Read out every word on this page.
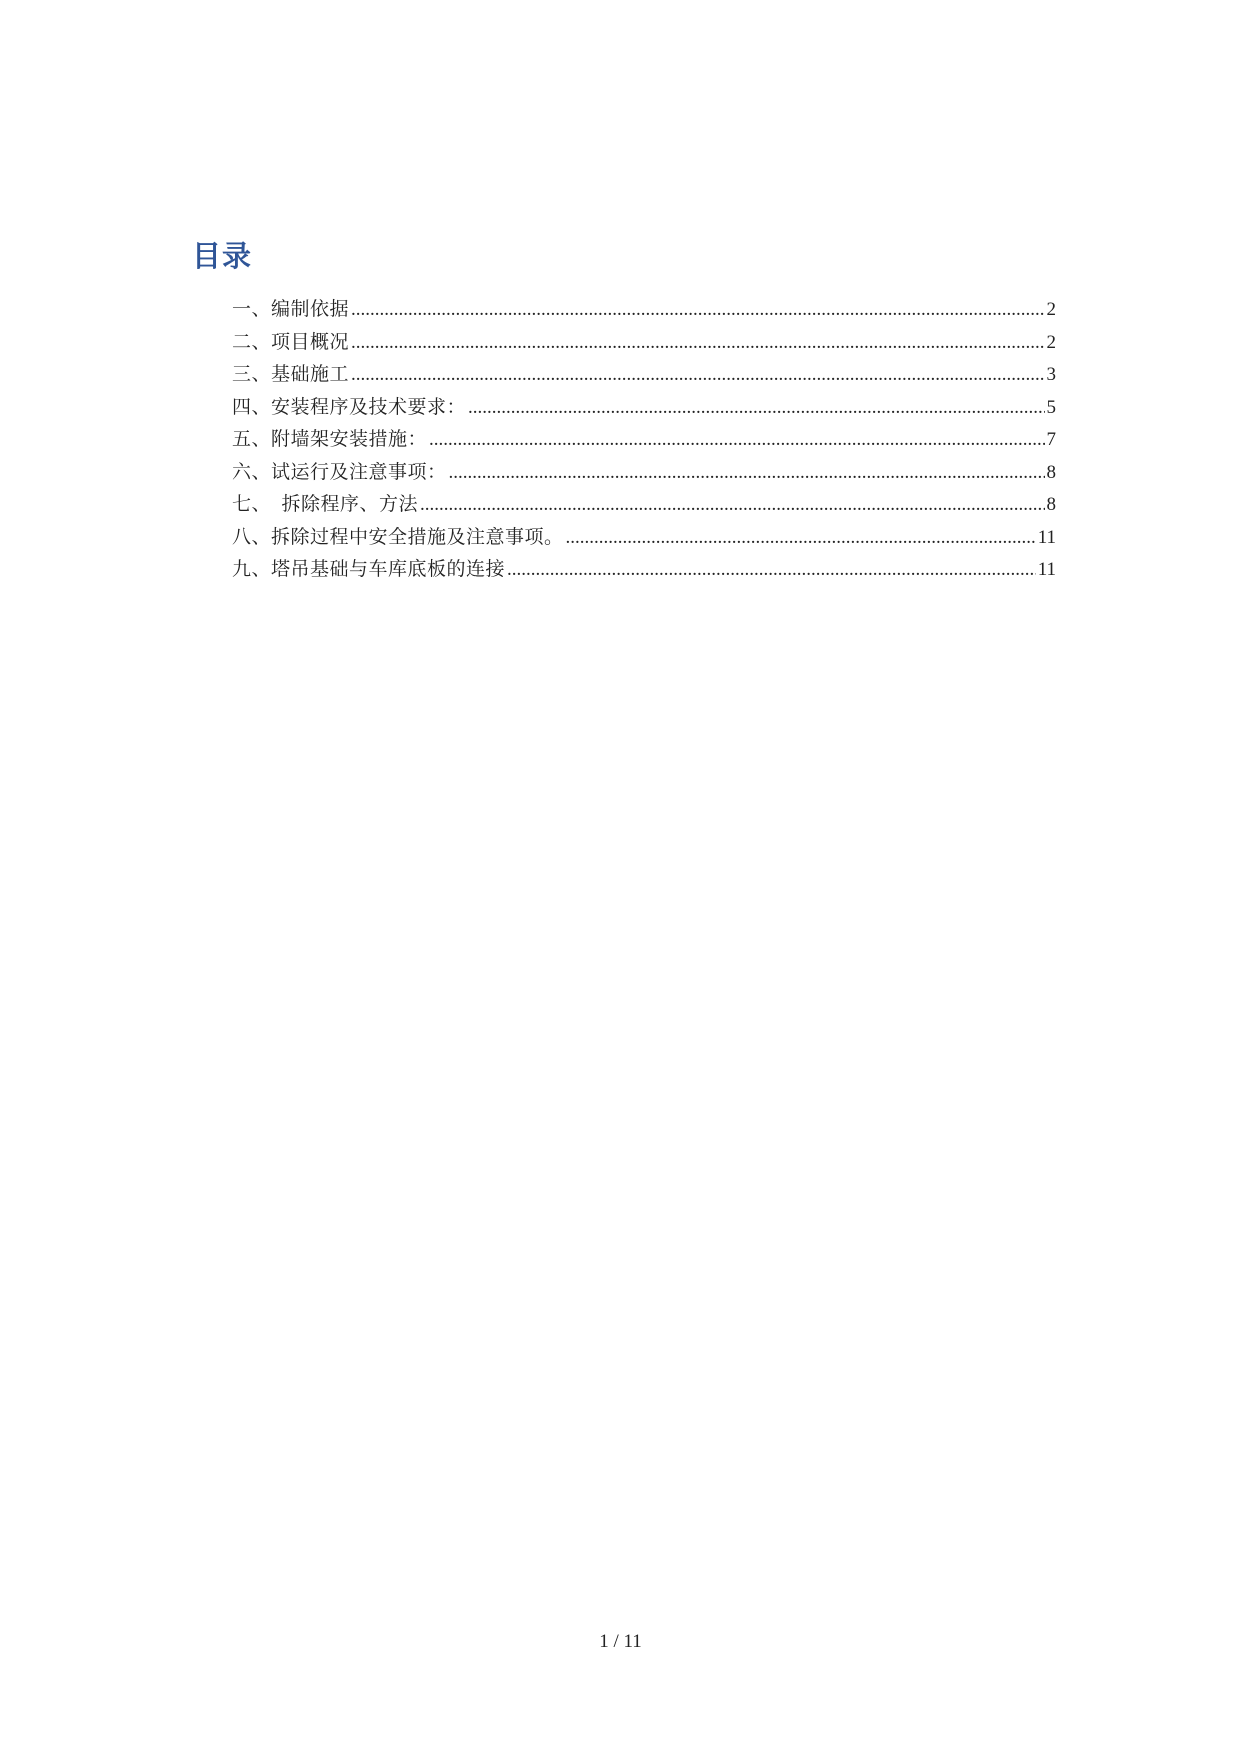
目录
一、编制依据 .....	2
二、项目概况 .....	2
三、基础施工 .....	3
四、安装程序及技术要求： .....	5
五、附墙架安装措施： .....	7
六、试运行及注意事项： .....	8
七、  拆除程序、方法 .....	8
八、拆除过程中安全措施及注意事项。 .....	11
九、塔吊基础与车库底板的连接 .....	11
1 / 11
